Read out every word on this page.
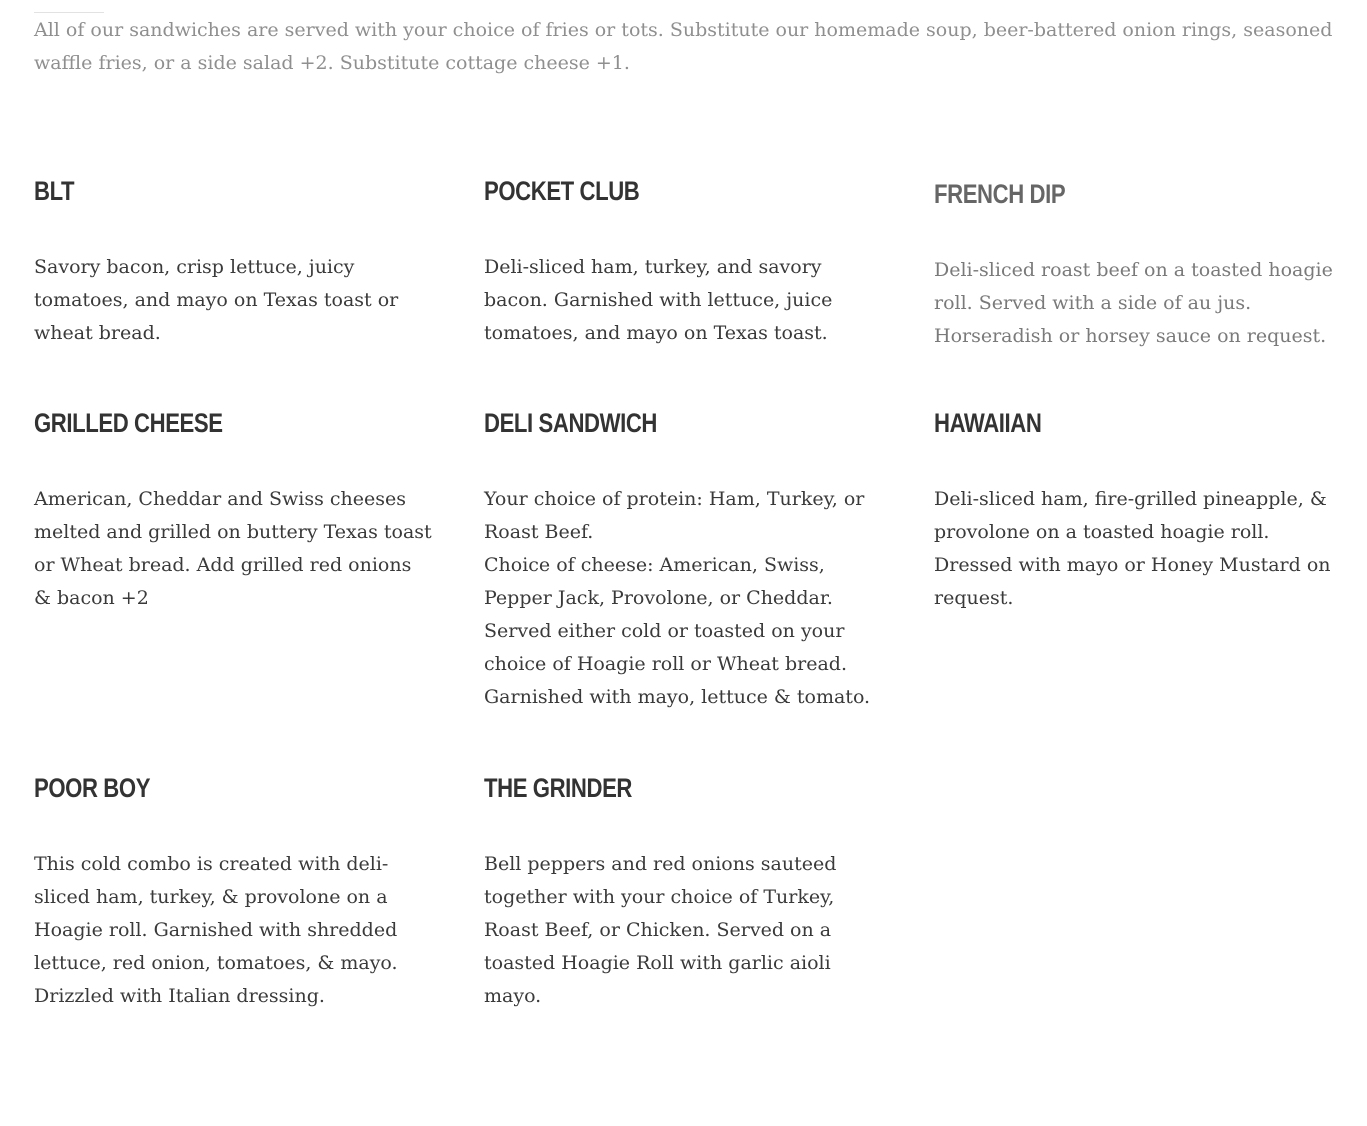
All of our sandwiches are served with your choice of fries or tots. Substitute our homemade soup, beer-battered onion rings, seasoned waffle fries, or a side salad +2. Substitute cottage cheese +1.

BLT

Savory bacon, crisp lettuce, juicy tomatoes, and mayo on Texas toast or wheat bread.

POCKET CLUB

Deli-sliced ham, turkey, and savory bacon. Garnished with lettuce, juice tomatoes, and mayo on Texas toast.

FRENCH DIP

Deli-sliced roast beef on a toasted hoagie roll. Served with a side of au jus. Horseradish or horsey sauce on request.

GRILLED CHEESE

American, Cheddar and Swiss cheeses melted and grilled on buttery Texas toast or Wheat bread. Add grilled red onions & bacon +2

DELI SANDWICH

Your choice of protein: Ham, Turkey, or Roast Beef.
Choice of cheese: American, Swiss, Pepper Jack, Provolone, or Cheddar.
Served either cold or toasted on your choice of Hoagie roll or Wheat bread. Garnished with mayo, lettuce & tomato.

HAWAIIAN

Deli-sliced ham, fire-grilled pineapple, & provolone on a toasted hoagie roll. Dressed with mayo or Honey Mustard on request.

POOR BOY

This cold combo is created with deli-sliced ham, turkey, & provolone on a Hoagie roll. Garnished with shredded lettuce, red onion, tomatoes, & mayo. Drizzled with Italian dressing.

THE GRINDER

Bell peppers and red onions sauteed together with your choice of Turkey, Roast Beef, or Chicken. Served on a toasted Hoagie Roll with garlic aioli mayo.
